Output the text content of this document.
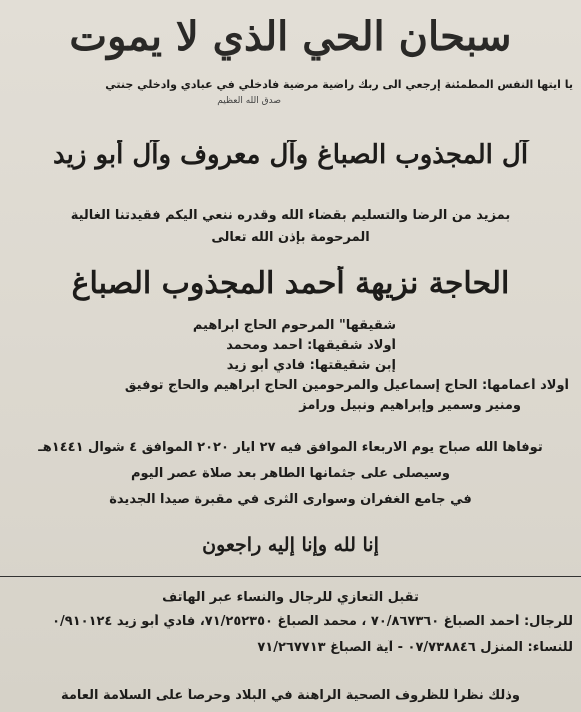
سبحان الحي الذي لا يموت
يا ايتها النفس المطمئنة إرجعي الى ربك راضية مرضية فادخلي في عبادي وادخلي جنتي
صدق الله العظيم
آل المجذوب الصباغ وآل معروف وآل أبو زيد
بمزيد من الرضا والتسليم بقضاء الله وقدره ننعي اليكم فقيدتنا الغالية
المرحومة بإذن الله تعالى
الحاجة نزيهة أحمد المجذوب الصباغ
شقيقها" المرحوم الحاج ابراهيم
أولاد شقيقها: أحمد ومحمد
إبن شقيقتها: فادي أبو زيد
أولاد أعمامها: الحاج إسماعيل والمرحومين الحاج ابراهيم والحاج توفيق
ومنير وسمير وإبراهيم ونبيل ورامز
توفاها الله صباح يوم الاربعاء الموافق فيه ٢٧ ايار ٢٠٢٠ الموافق ٤ شوال ١٤٤١هـ
وسيصلى على جثمانها الطاهر بعد صلاة عصر اليوم
في جامع الغفران وسوارى الثرى في مقبرة صيدا الجديدة
إنا لله وإنا إليه راجعون
تقبل التعازي للرجال والنساء عبر الهاتف
للرجال: أحمد الصباغ ٧٠/٨٦٧٣٦٠ ، محمد الصباغ ٧١/٢٥٢٣٥٠، فادي أبو زيد ٠/٩١٠١٢٤
للنساء: المنزل ٠٧/٧٣٨٨٤٦ - آية الصباغ ٧١/٢٦٧٧١٣
وذلك نظراً للظروف الصحية الراهنة في البلاد وحرصاً على السلامة العامة
